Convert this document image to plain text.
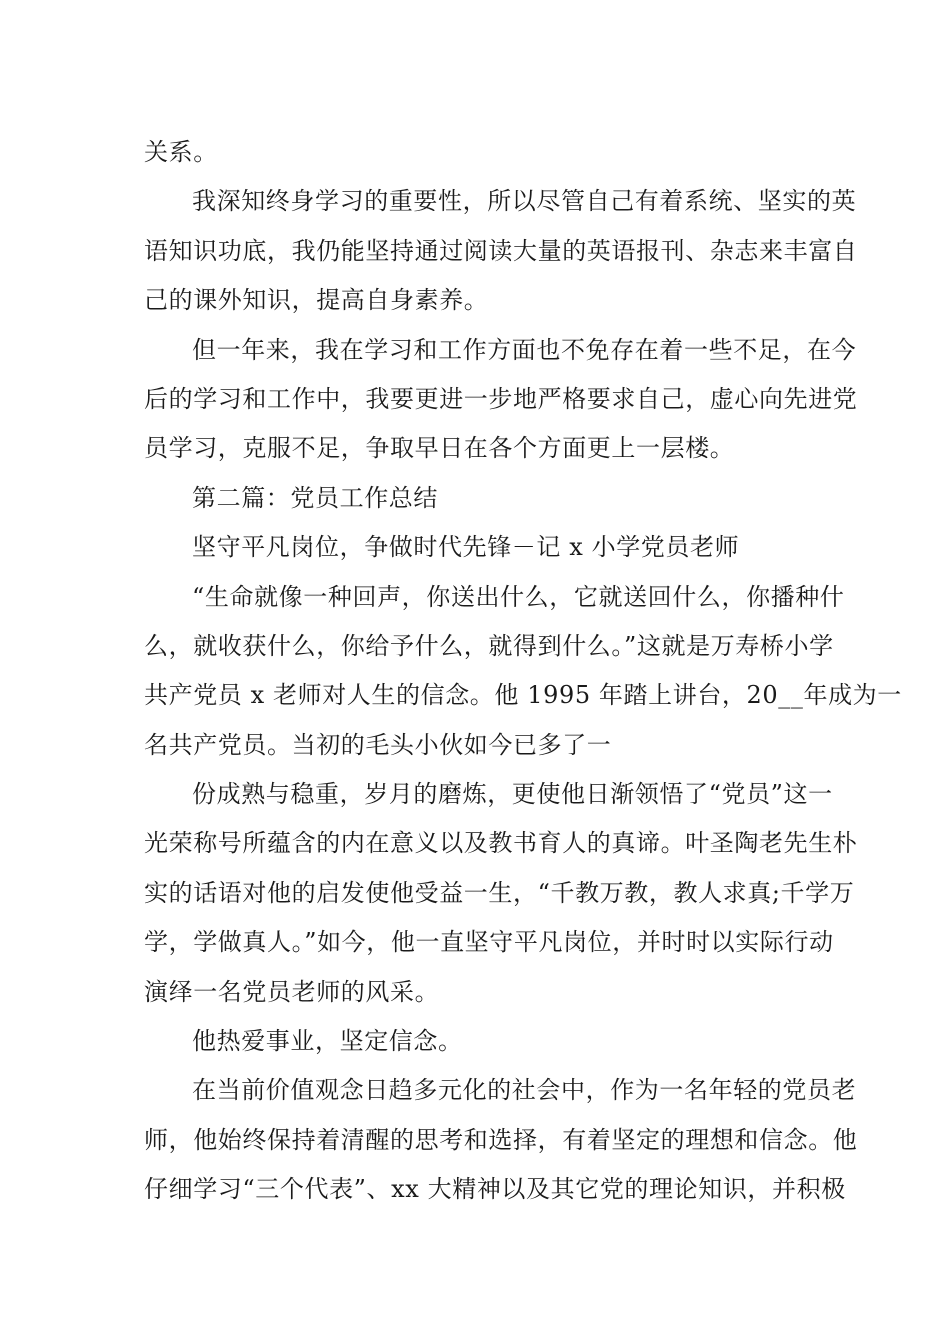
关系。
我深知终身学习的重要性，所以尽管自己有着系统、坚实的英
语知识功底，我仍能坚持通过阅读大量的英语报刊、杂志来丰富自
己的课外知识，提高自身素养。
但一年来，我在学习和工作方面也不免存在着一些不足，在今
后的学习和工作中，我要更进一步地严格要求自己，虚心向先进党
员学习，克服不足，争取早日在各个方面更上一层楼。
第二篇：党员工作总结
坚守平凡岗位，争做时代先锋－记 x 小学党员老师
“生命就像一种回声，你送出什么，它就送回什么，你播种什
么，就收获什么，你给予什么，就得到什么。”这就是万寿桥小学
共产党员 x 老师对人生的信念。他 1995 年踏上讲台，20__年成为一
名共产党员。当初的毛头小伙如今已多了一
份成熟与稳重，岁月的磨炼，更使他日渐领悟了“党员”这一
光荣称号所蕴含的内在意义以及教书育人的真谛。叶圣陶老先生朴
实的话语对他的启发使他受益一生，“千教万教，教人求真;千学万
学，学做真人。”如今，他一直坚守平凡岗位，并时时以实际行动
演绎一名党员老师的风采。
他热爱事业，坚定信念。
在当前价值观念日趋多元化的社会中，作为一名年轻的党员老
师，他始终保持着清醒的思考和选择，有着坚定的理想和信念。他
仔细学习“三个代表”、xx 大精神以及其它党的理论知识，并积极
